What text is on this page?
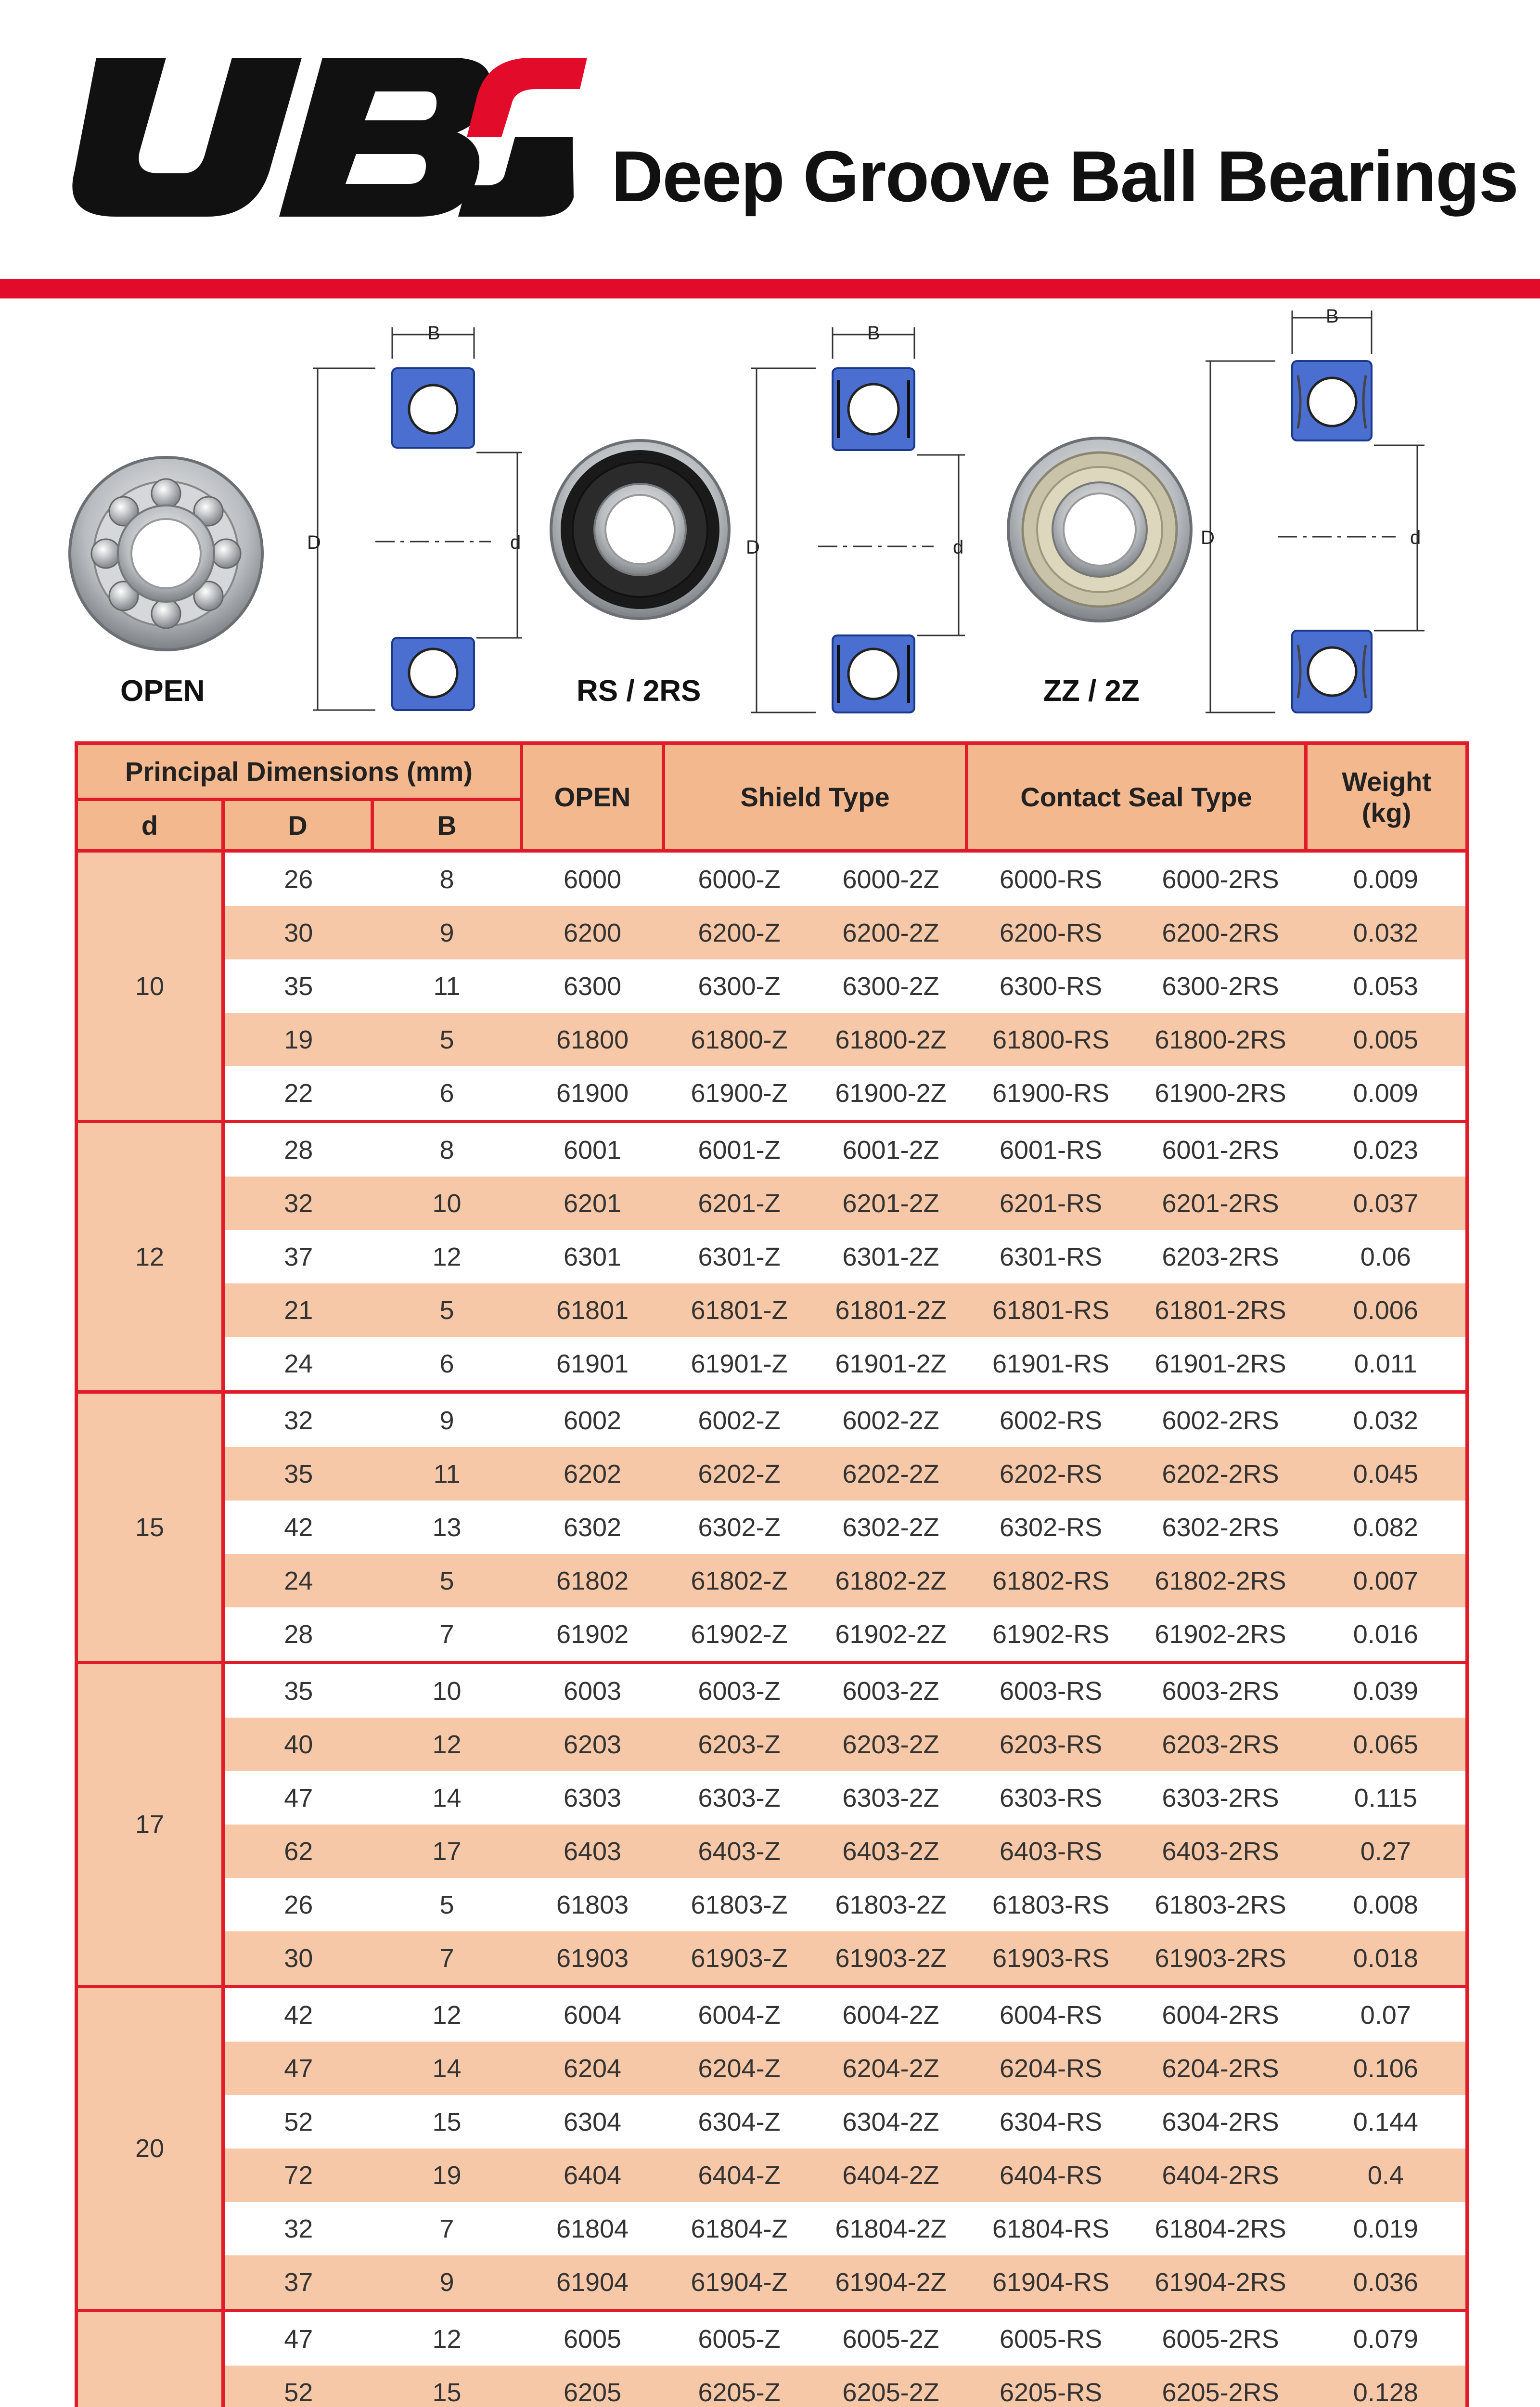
Deep Groove Ball Bearings
B
D	d
B
D	d
B
D	d
OPEN	RS / 2RS	ZZ / 2Z
Principal Dimensions (mm)			OPEN	Shield Type		Contact Seal Type		Weight
(kg)
d	D	B						
10	26	8	6000	6000-Z	6000-2Z	6000-RS	6000-2RS	0.009
	30	9	6200	6200-Z	6200-2Z	6200-RS	6200-2RS	0.032
	35	11	6300	6300-Z	6300-2Z	6300-RS	6300-2RS	0.053
	19	5	61800	61800-Z	61800-2Z	61800-RS	61800-2RS	0.005
	22	6	61900	61900-Z	61900-2Z	61900-RS	61900-2RS	0.009
12	28	8	6001	6001-Z	6001-2Z	6001-RS	6001-2RS	0.023
	32	10	6201	6201-Z	6201-2Z	6201-RS	6201-2RS	0.037
	37	12	6301	6301-Z	6301-2Z	6301-RS	6203-2RS	0.06
	21	5	61801	61801-Z	61801-2Z	61801-RS	61801-2RS	0.006
	24	6	61901	61901-Z	61901-2Z	61901-RS	61901-2RS	0.011
15	32	9	6002	6002-Z	6002-2Z	6002-RS	6002-2RS	0.032
	35	11	6202	6202-Z	6202-2Z	6202-RS	6202-2RS	0.045
	42	13	6302	6302-Z	6302-2Z	6302-RS	6302-2RS	0.082
	24	5	61802	61802-Z	61802-2Z	61802-RS	61802-2RS	0.007
	28	7	61902	61902-Z	61902-2Z	61902-RS	61902-2RS	0.016
17	35	10	6003	6003-Z	6003-2Z	6003-RS	6003-2RS	0.039
	40	12	6203	6203-Z	6203-2Z	6203-RS	6203-2RS	0.065
	47	14	6303	6303-Z	6303-2Z	6303-RS	6303-2RS	0.115
	62	17	6403	6403-Z	6403-2Z	6403-RS	6403-2RS	0.27
	26	5	61803	61803-Z	61803-2Z	61803-RS	61803-2RS	0.008
	30	7	61903	61903-Z	61903-2Z	61903-RS	61903-2RS	0.018
20	42	12	6004	6004-Z	6004-2Z	6004-RS	6004-2RS	0.07
	47	14	6204	6204-Z	6204-2Z	6204-RS	6204-2RS	0.106
	52	15	6304	6304-Z	6304-2Z	6304-RS	6304-2RS	0.144
	72	19	6404	6404-Z	6404-2Z	6404-RS	6404-2RS	0.4
	32	7	61804	61804-Z	61804-2Z	61804-RS	61804-2RS	0.019
	37	9	61904	61904-Z	61904-2Z	61904-RS	61904-2RS	0.036
	47	12	6005	6005-Z	6005-2Z	6005-RS	6005-2RS	0.079
	52	15	6205	6205-Z	6205-2Z	6205-RS	6205-2RS	0.128
